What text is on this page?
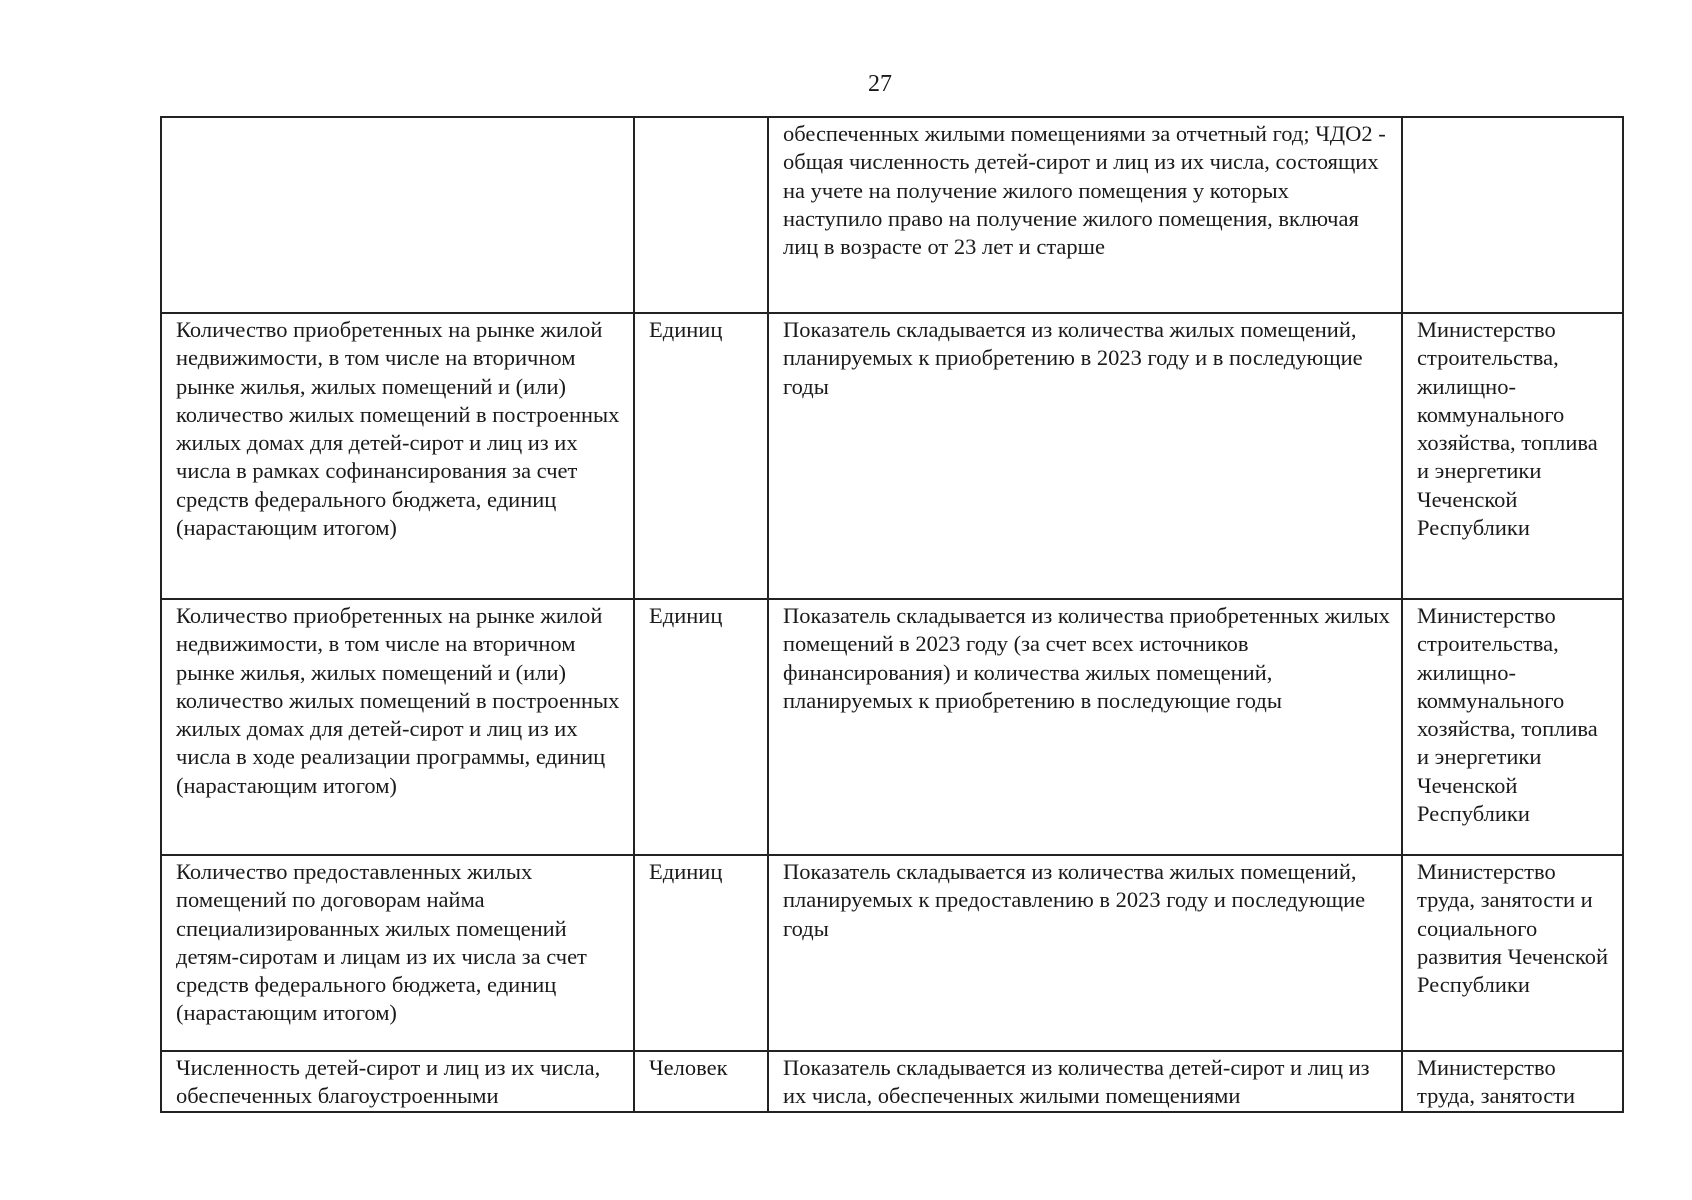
27

		обеспеченных жилыми помещениями за отчетный год; ЧДО2 - общая численность детей-сирот и лиц из их числа, состоящих на учете на получение жилого помещения у которых наступило право на получение жилого помещения, включая лиц в возрасте от 23 лет и старше	

Количество приобретенных на рынке жилой недвижимости, в том числе на вторичном рынке жилья, жилых помещений и (или) количество жилых помещений в построенных жилых домах для детей-сирот и лиц из их числа в рамках софинансирования за счет средств федерального бюджета, единиц (нарастающим итогом)	Единиц	Показатель складывается из количества жилых помещений, планируемых к приобретению в 2023 году и в последующие годы	Министерство строительства, жилищно-коммунального хозяйства, топлива и энергетики Чеченской Республики

Количество приобретенных на рынке жилой недвижимости, в том числе на вторичном рынке жилья, жилых помещений и (или) количество жилых помещений в построенных жилых домах для детей-сирот и лиц из их числа в ходе реализации программы, единиц (нарастающим итогом)	Единиц	Показатель складывается из количества приобретенных жилых помещений в 2023 году (за счет всех источников финансирования) и количества жилых помещений, планируемых к приобретению в последующие годы	Министерство строительства, жилищно-коммунального хозяйства, топлива и энергетики Чеченской Республики

Количество предоставленных жилых помещений по договорам найма специализированных жилых помещений детям-сиротам и лицам из их числа за счет средств федерального бюджета, единиц (нарастающим итогом)	Единиц	Показатель складывается из количества жилых помещений, планируемых к предоставлению в 2023 году и последующие годы	Министерство труда, занятости и социального развития Чеченской Республики

Численность детей-сирот и лиц из их числа, обеспеченных благоустроенными	Человек	Показатель складывается из количества детей-сирот и лиц из их числа, обеспеченных жилыми помещениями	Министерство труда, занятости
